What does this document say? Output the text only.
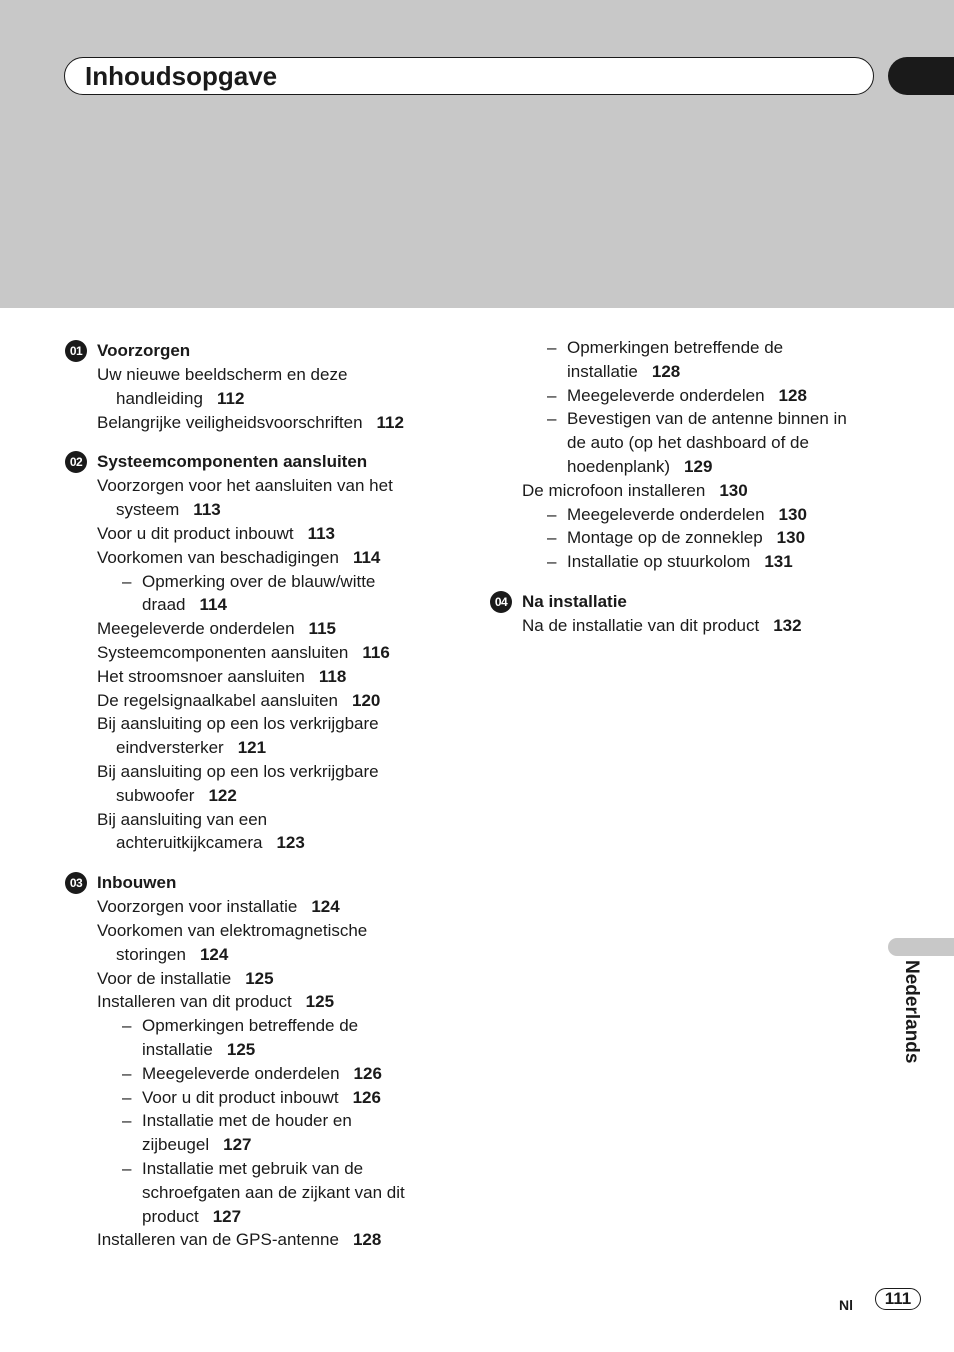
Inhoudsopgave
01 Voorzorgen
Uw nieuwe beeldscherm en deze
handleiding 112
Belangrijke veiligheidsvoorschriften 112
02 Systeemcomponenten aansluiten
Voorzorgen voor het aansluiten van het
systeem 113
Voor u dit product inbouwt 113
Voorkomen van beschadigingen 114
– Opmerking over de blauw/witte
draad 114
Meegeleverde onderdelen 115
Systeemcomponenten aansluiten 116
Het stroomsnoer aansluiten 118
De regelsignaalkabel aansluiten 120
Bij aansluiting op een los verkrijgbare
eindversterker 121
Bij aansluiting op een los verkrijgbare
subwoofer 122
Bij aansluiting van een
achteruitkijkcamera 123
03 Inbouwen
Voorzorgen voor installatie 124
Voorkomen van elektromagnetische
storingen 124
Voor de installatie 125
Installeren van dit product 125
– Opmerkingen betreffende de
installatie 125
– Meegeleverde onderdelen 126
– Voor u dit product inbouwt 126
– Installatie met de houder en
zijbeugel 127
– Installatie met gebruik van de
schroefgaten aan de zijkant van dit
product 127
Installeren van de GPS-antenne 128
– Opmerkingen betreffende de
installatie 128
– Meegeleverde onderdelen 128
– Bevestigen van de antenne binnen in
de auto (op het dashboard of de
hoedenplank) 129
De microfoon installeren 130
– Meegeleverde onderdelen 130
– Montage op de zonneklep 130
– Installatie op stuurkolom 131
04 Na installatie
Na de installatie van dit product 132
Nederlands
Nl	111
